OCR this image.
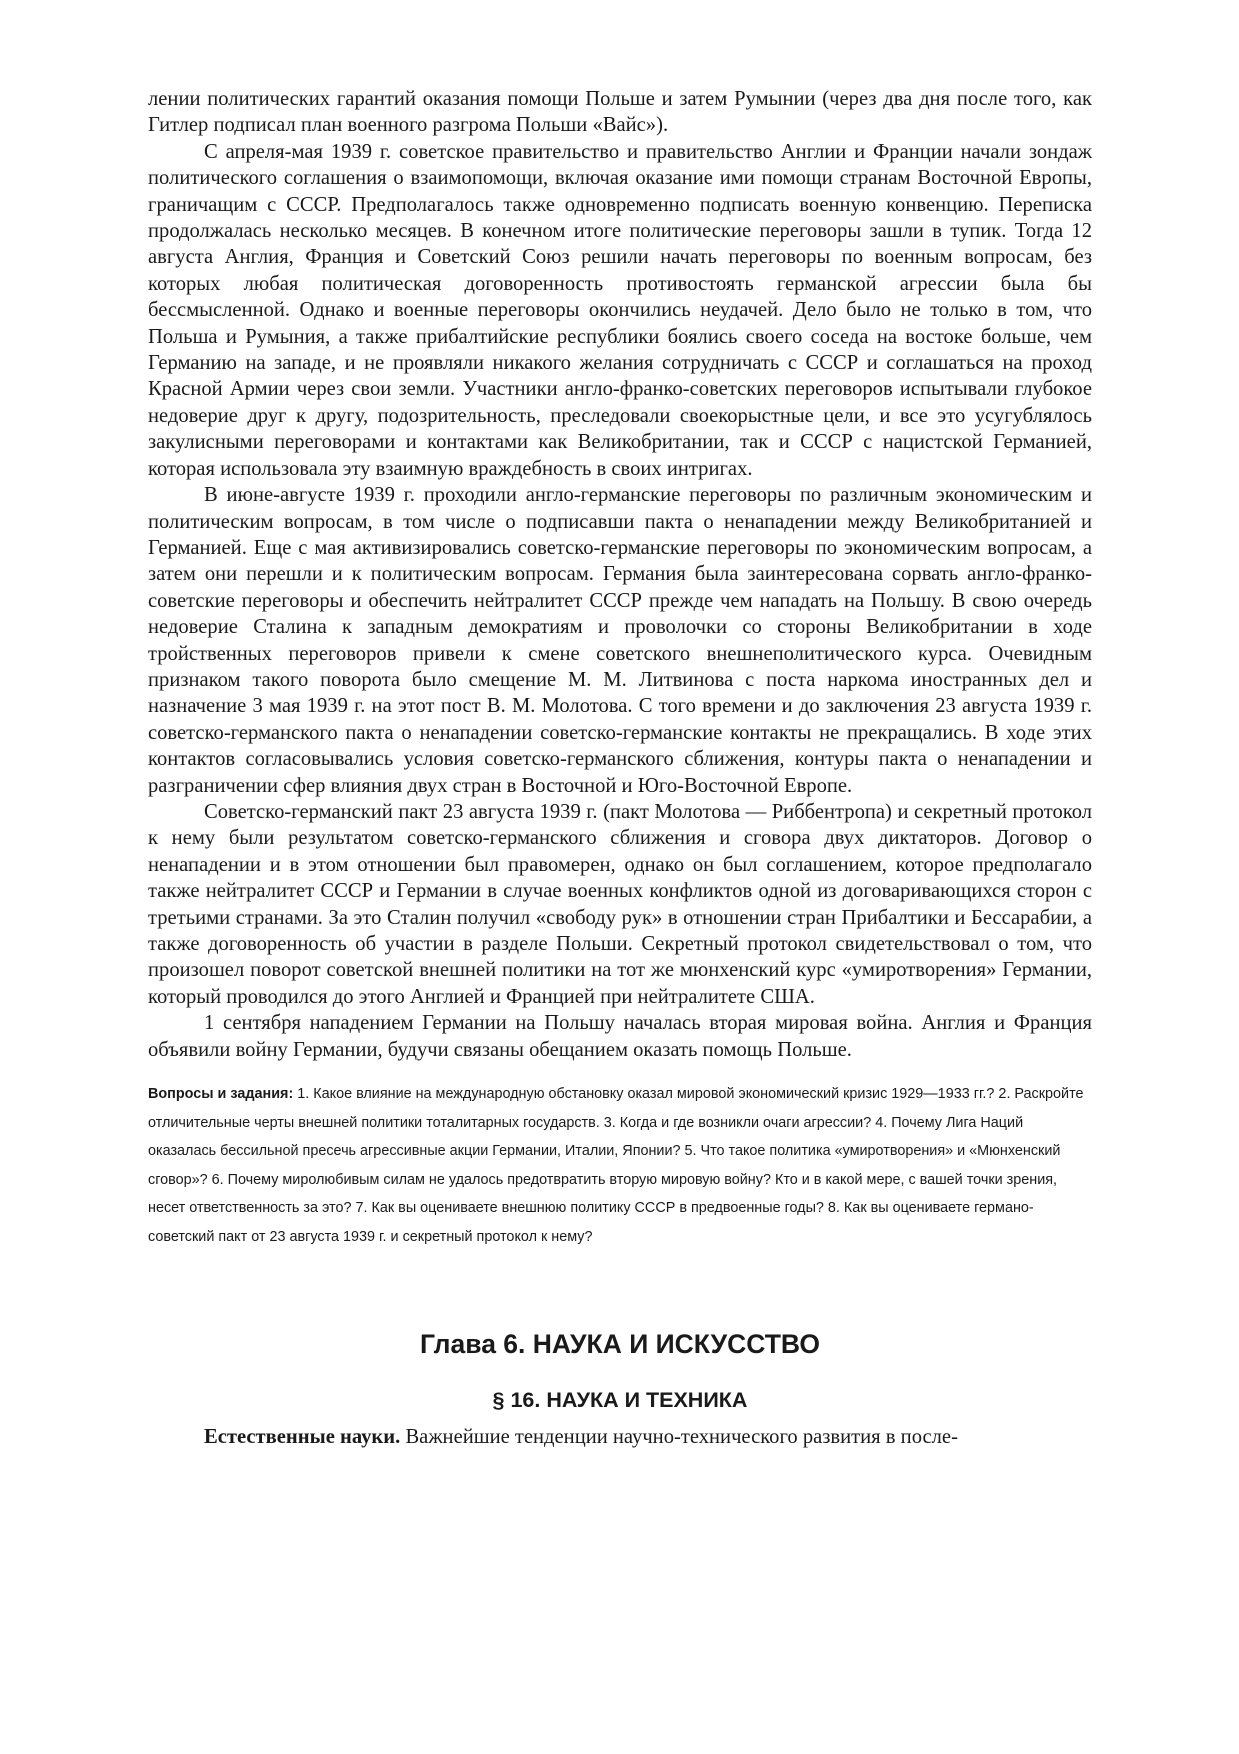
лении политических гарантий оказания помощи Польше и затем Румынии (через два дня после того, как Гитлер подписал план военного разгрома Польши «Вайс»).

С апреля-мая 1939 г. советское правительство и правительство Англии и Франции начали зондаж политического соглашения о взаимопомощи, включая оказание ими помощи странам Восточной Европы, граничащим с СССР. Предполагалось также одновременно подписать военную конвенцию. Переписка продолжалась несколько месяцев. В конечном итоге политические переговоры зашли в тупик. Тогда 12 августа Англия, Франция и Советский Союз решили начать переговоры по военным вопросам, без которых любая политическая договоренность противостоять германской агрессии была бы бессмысленной. Однако и военные переговоры окончились неудачей. Дело было не только в том, что Польша и Румыния, а также прибалтийские республики боялись своего соседа на востоке больше, чем Германию на западе, и не проявляли никакого желания сотрудничать с СССР и соглашаться на проход Красной Армии через свои земли. Участники англо-франко-советских переговоров испытывали глубокое недоверие друг к другу, подозрительность, преследовали своекорыстные цели, и все это усугублялось закулисными переговорами и контактами как Великобритании, так и СССР с нацистской Германией, которая использовала эту взаимную враждебность в своих интригах.

В июне-августе 1939 г. проходили англо-германские переговоры по различным экономическим и политическим вопросам, в том числе о подписавши пакта о ненападении между Великобританией и Германией. Еще с мая активизировались советско-германские переговоры по экономическим вопросам, а затем они перешли и к политическим вопросам. Германия была заинтересована сорвать англо-франко-советские переговоры и обеспечить нейтралитет СССР прежде чем нападать на Польшу. В свою очередь недоверие Сталина к западным демократиям и проволочки со стороны Великобритании в ходе тройственных переговоров привели к смене советского внешнеполитического курса. Очевидным признаком такого поворота было смещение М. М. Литвинова с поста наркома иностранных дел и назначение 3 мая 1939 г. на этот пост В. М. Молотова. С того времени и до заключения 23 августа 1939 г. советско-германского пакта о ненападении советско-германские контакты не прекращались. В ходе этих контактов согласовывались условия советско-германского сближения, контуры пакта о ненападении и разграничении сфер влияния двух стран в Восточной и Юго-Восточной Европе.

Советско-германский пакт 23 августа 1939 г. (пакт Молотова — Риббентропа) и секретный протокол к нему были результатом советско-германского сближения и сговора двух диктаторов. Договор о ненападении и в этом отношении был правомерен, однако он был соглашением, которое предполагало также нейтралитет СССР и Германии в случае военных конфликтов одной из договаривающихся сторон с третьими странами. За это Сталин получил «свободу рук» в отношении стран Прибалтики и Бессарабии, а также договоренность об участии в разделе Польши. Секретный протокол свидетельствовал о том, что произошел поворот советской внешней политики на тот же мюнхенский курс «умиротворения» Германии, который проводился до этого Англией и Францией при нейтралитете США.

1 сентября нападением Германии на Польшу началась вторая мировая война. Англия и Франция объявили войну Германии, будучи связаны обещанием оказать помощь Польше.

Вопросы и задания: 1. Какое влияние на международную обстановку оказал мировой экономический кризис 1929—1933 гг.? 2. Раскройте отличительные черты внешней политики тоталитарных государств. 3. Когда и где возникли очаги агрессии? 4. Почему Лига Наций оказалась бессильной пресечь агрессивные акции Германии, Италии, Японии? 5. Что такое политика «умиротворения» и «Мюнхенский сговор»? 6. Почему миролюбивым силам не удалось предотвратить вторую мировую войну? Кто и в какой мере, с вашей точки зрения, несет ответственность за это? 7. Как вы оцениваете внешнюю политику СССР в предвоенные годы? 8. Как вы оцениваете германо-советский пакт от 23 августа 1939 г. и секретный протокол к нему?

Глава 6. НАУКА И ИСКУССТВО
§ 16. НАУКА И ТЕХНИКА

Естественные науки. Важнейшие тенденции научно-технического развития в после-
